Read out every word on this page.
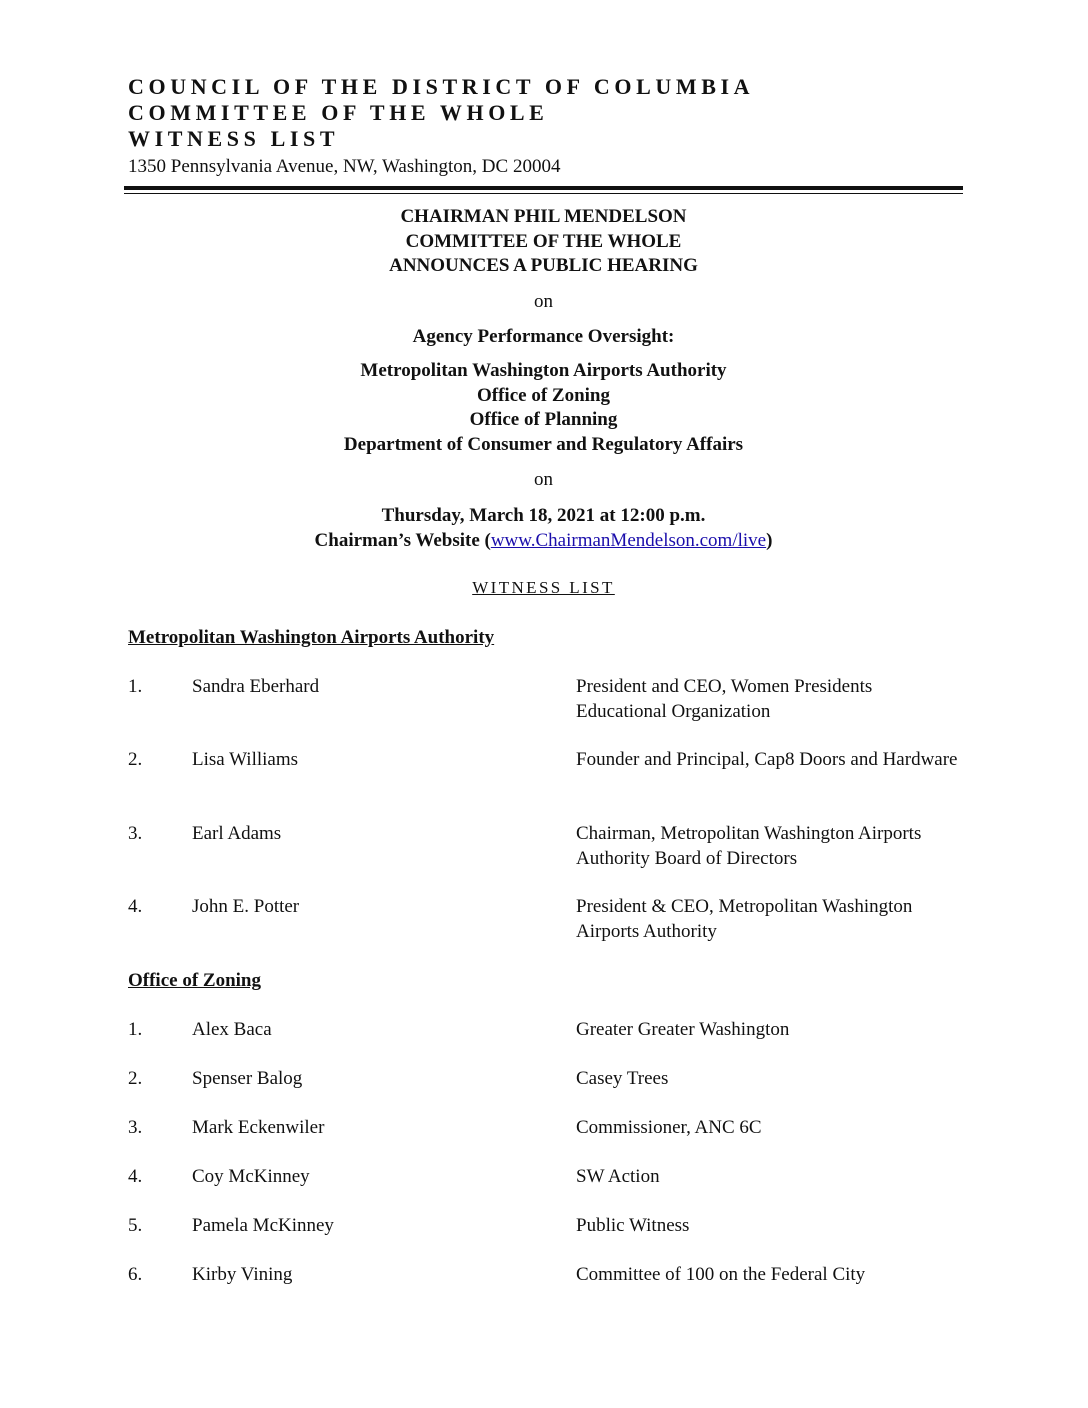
COUNCIL OF THE DISTRICT OF COLUMBIA
COMMITTEE OF THE WHOLE
WITNESS LIST
1350 Pennsylvania Avenue, NW, Washington, DC 20004
CHAIRMAN PHIL MENDELSON
COMMITTEE OF THE WHOLE
ANNOUNCES A PUBLIC HEARING
on
Agency Performance Oversight:
Metropolitan Washington Airports Authority
Office of Zoning
Office of Planning
Department of Consumer and Regulatory Affairs
on
Thursday, March 18, 2021 at 12:00 p.m.
Chairman’s Website (www.ChairmanMendelson.com/live)
WITNESS LIST
Metropolitan Washington Airports Authority
1.	Sandra Eberhard	President and CEO, Women Presidents Educational Organization
2.	Lisa Williams	Founder and Principal, Cap8 Doors and Hardware
3.	Earl Adams	Chairman, Metropolitan Washington Airports Authority Board of Directors
4.	John E. Potter	President & CEO, Metropolitan Washington Airports Authority
Office of Zoning
1.	Alex Baca	Greater Greater Washington
2.	Spenser Balog	Casey Trees
3.	Mark Eckenwiler	Commissioner, ANC 6C
4.	Coy McKinney	SW Action
5.	Pamela McKinney	Public Witness
6.	Kirby Vining	Committee of 100 on the Federal City
